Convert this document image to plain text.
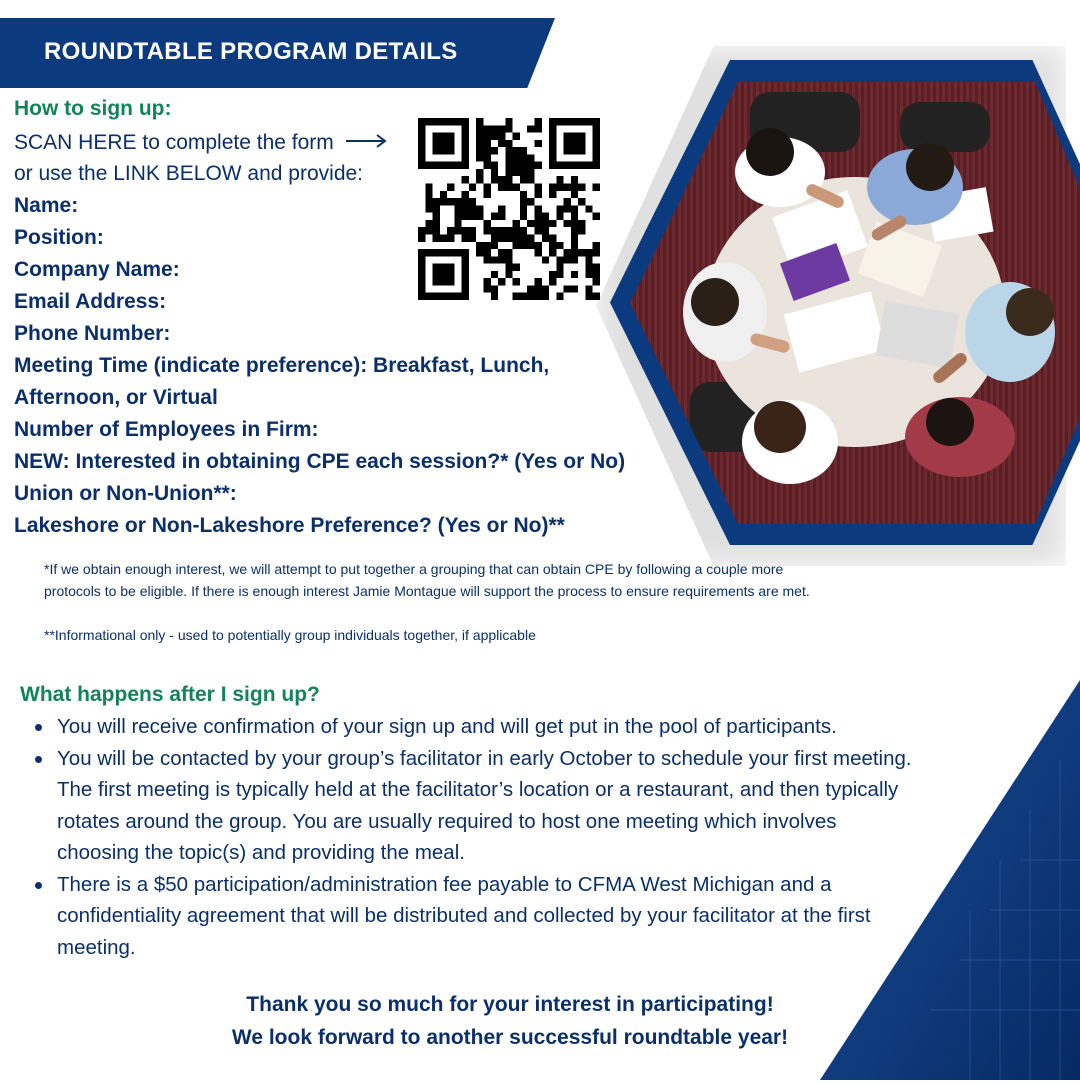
ROUNDTABLE PROGRAM DETAILS
How to sign up:
SCAN HERE to complete the form
or use the LINK BELOW and provide:
Name:
Position:
Company Name:
Email Address:
Phone Number:
Meeting Time (indicate preference): Breakfast, Lunch,
Afternoon, or Virtual
Number of Employees in Firm:
NEW: Interested in obtaining CPE each session?* (Yes or No)
Union or Non-Union**:
Lakeshore or Non-Lakeshore Preference? (Yes or No)**
*If we obtain enough interest, we will attempt to put together a grouping that can obtain CPE by following a couple more
protocols to be eligible. If there is enough interest Jamie Montague will support the process to ensure requirements are met.
**Informational only - used to potentially group individuals together, if applicable
What happens after I sign up?
You will receive confirmation of your sign up and will get put in the pool of participants.
You will be contacted by your group’s facilitator in early October to schedule your first meeting.
The first meeting is typically held at the facilitator’s location or a restaurant, and then typically
rotates around the group. You are usually required to host one meeting which involves
choosing the topic(s) and providing the meal.
There is a $50 participation/administration fee payable to CFMA West Michigan and a
confidentiality agreement that will be distributed and collected by your facilitator at the first
meeting.
Thank you so much for your interest in participating!
We look forward to another successful roundtable year!
